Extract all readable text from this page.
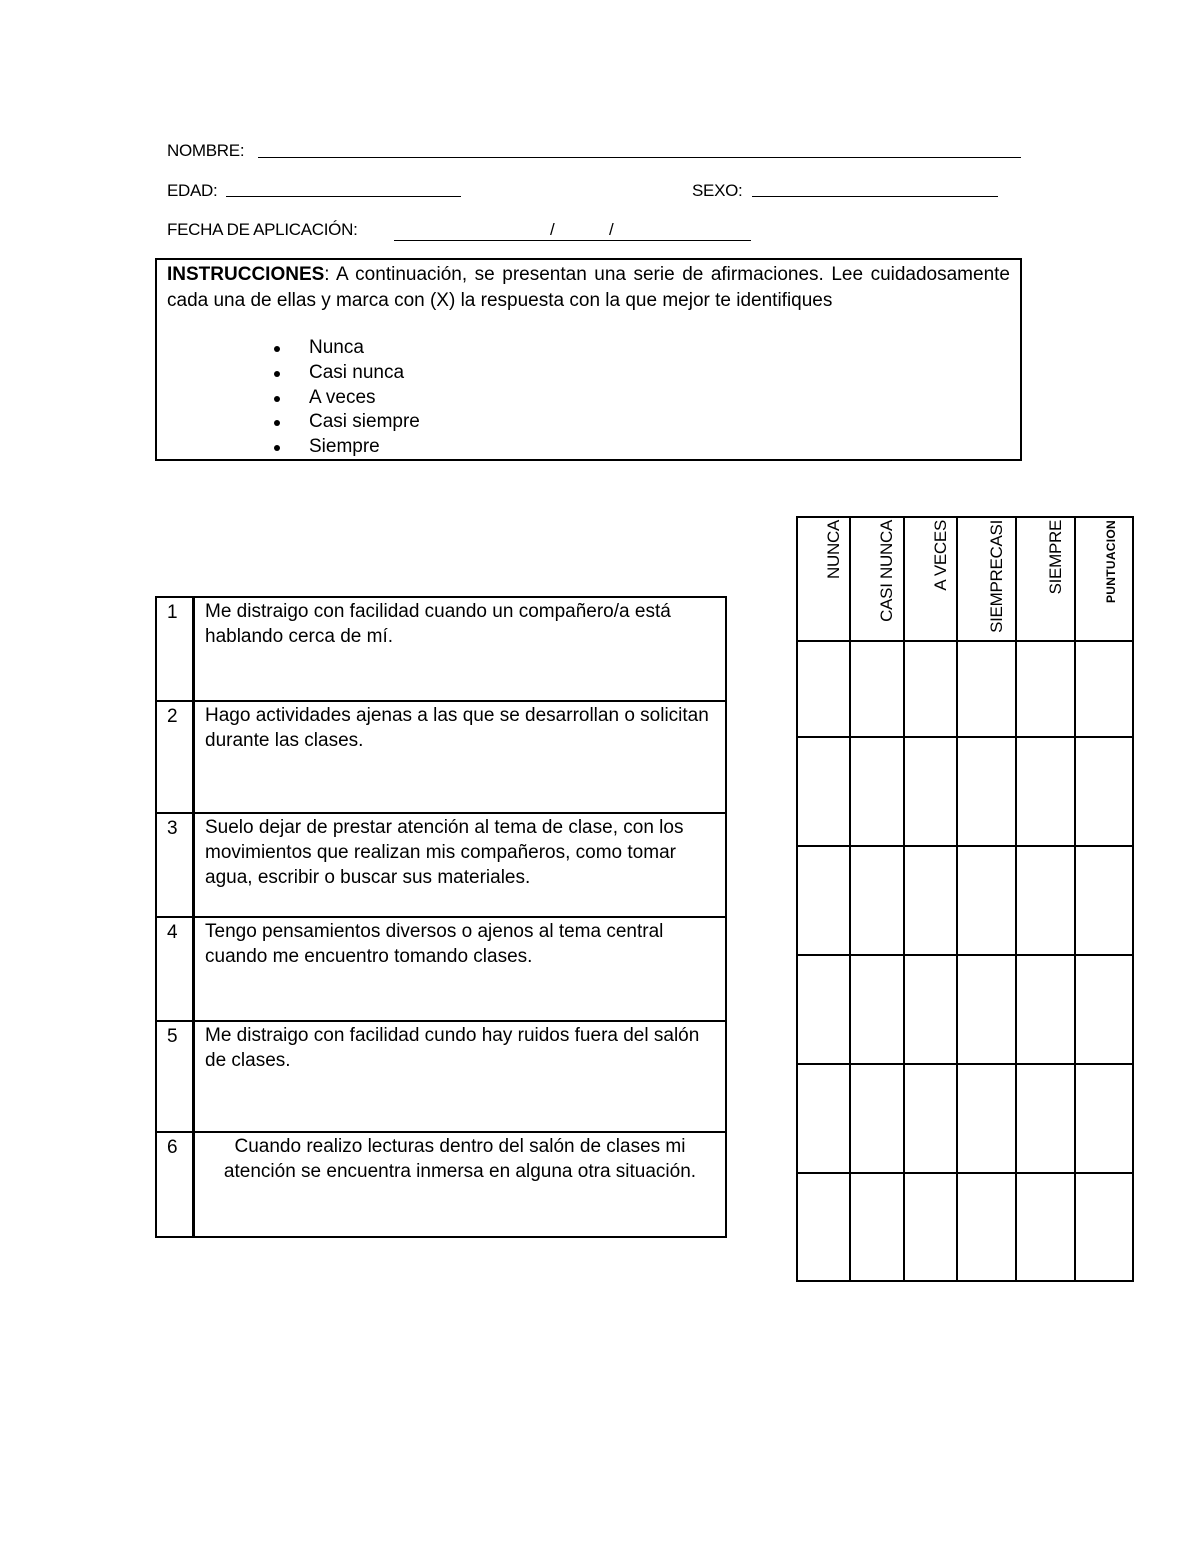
NOMBRE:
EDAD:	SEXO:
FECHA DE APLICACIÓN:	/	/
INSTRUCCIONES: A continuación, se presentan una serie de afirmaciones. Lee cuidadosamente cada una de ellas y marca con (X) la respuesta con la que mejor te identifiques
Nunca
Casi nunca
A veces
Casi siempre
Siempre
1	Me distraigo con facilidad cuando un compañero/a está hablando cerca de mí.
2	Hago actividades ajenas a las que se desarrollan o solicitan durante las clases.
3	Suelo dejar de prestar atención al tema de clase, con los movimientos que realizan mis compañeros, como tomar agua, escribir o buscar sus materiales.
4	Tengo pensamientos diversos o ajenos al tema central cuando me encuentro tomando clases.
5	Me distraigo con facilidad cundo hay ruidos fuera del salón de clases.
6	Cuando realizo lecturas dentro del salón de clases mi atención se encuentra inmersa en alguna otra situación.
NUNCA	CASI NUNCA	A VECES	SIEMPRECASI	SIEMPRE	PUNTUACION
